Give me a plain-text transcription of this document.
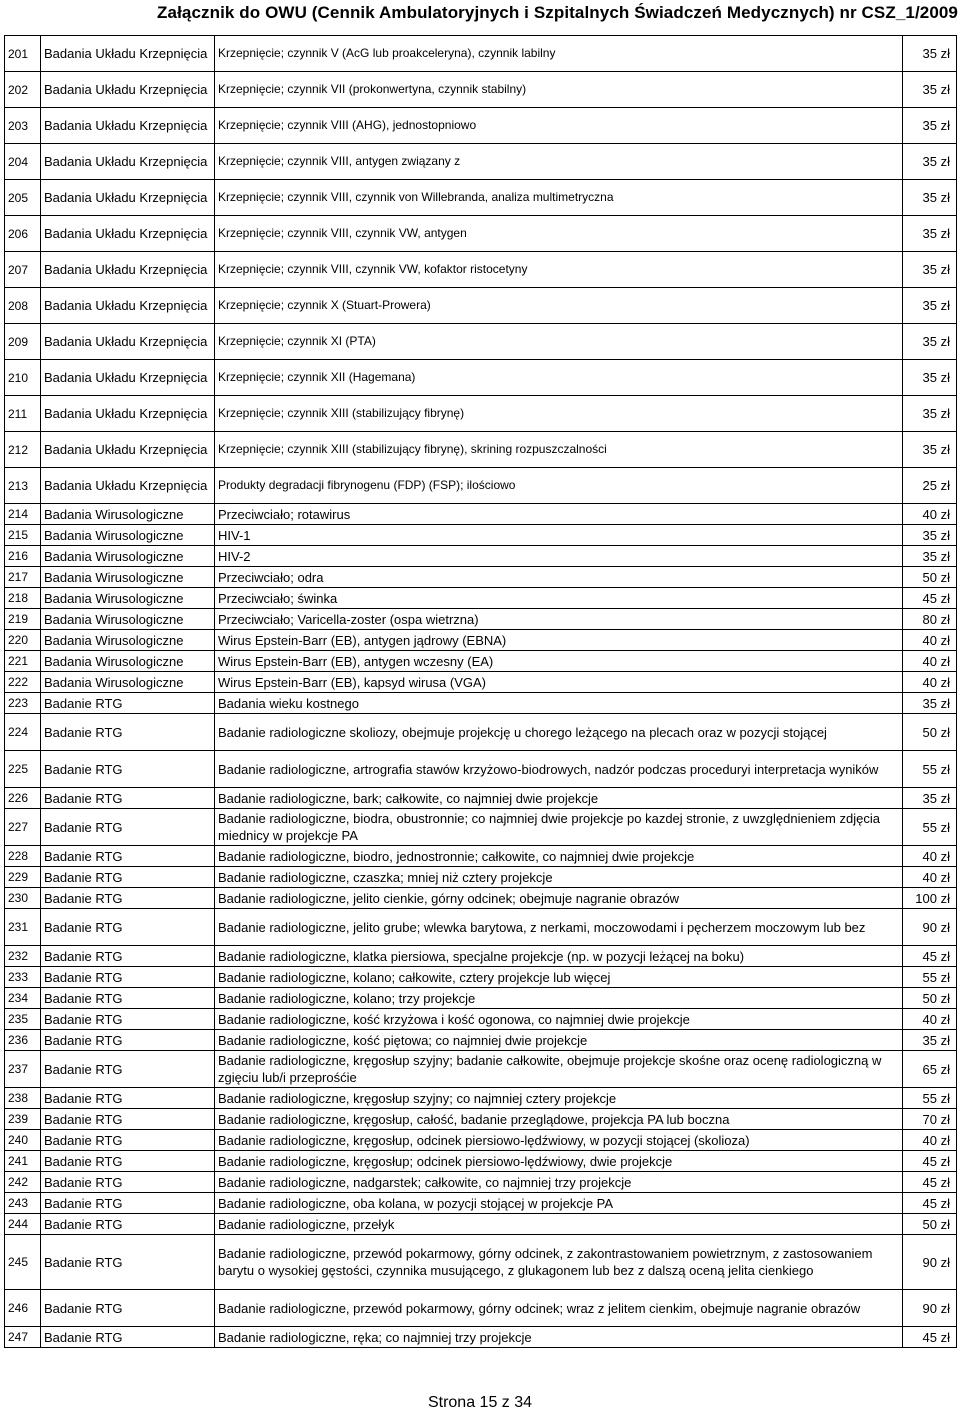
Załącznik do OWU (Cennik Ambulatoryjnych i Szpitalnych Świadczeń Medycznych) nr CSZ_1/2009
201	Badania Układu Krzepnięcia	Krzepnięcie; czynnik V (AcG lub proakceleryna), czynnik labilny	35 zł
202	Badania Układu Krzepnięcia	Krzepnięcie; czynnik VII (prokonwertyna, czynnik stabilny)	35 zł
203	Badania Układu Krzepnięcia	Krzepnięcie; czynnik VIII (AHG), jednostopniowo	35 zł
204	Badania Układu Krzepnięcia	Krzepnięcie; czynnik VIII, antygen związany z	35 zł
205	Badania Układu Krzepnięcia	Krzepnięcie; czynnik VIII, czynnik von Willebranda, analiza multimetryczna	35 zł
206	Badania Układu Krzepnięcia	Krzepnięcie; czynnik VIII, czynnik VW, antygen	35 zł
207	Badania Układu Krzepnięcia	Krzepnięcie; czynnik VIII, czynnik VW, kofaktor ristocetyny	35 zł
208	Badania Układu Krzepnięcia	Krzepnięcie; czynnik X (Stuart-Prowera)	35 zł
209	Badania Układu Krzepnięcia	Krzepnięcie; czynnik XI (PTA)	35 zł
210	Badania Układu Krzepnięcia	Krzepnięcie; czynnik XII (Hagemana)	35 zł
211	Badania Układu Krzepnięcia	Krzepnięcie; czynnik XIII (stabilizujący fibrynę)	35 zł
212	Badania Układu Krzepnięcia	Krzepnięcie; czynnik XIII (stabilizujący fibrynę), skrining rozpuszczalności	35 zł
213	Badania Układu Krzepnięcia	Produkty degradacji fibrynogenu (FDP) (FSP); ilościowo	25 zł
214	Badania Wirusologiczne	Przeciwciało; rotawirus	40 zł
215	Badania Wirusologiczne	HIV-1	35 zł
216	Badania Wirusologiczne	HIV-2	35 zł
217	Badania Wirusologiczne	Przeciwciało; odra	50 zł
218	Badania Wirusologiczne	Przeciwciało; świnka	45 zł
219	Badania Wirusologiczne	Przeciwciało; Varicella-zoster (ospa wietrzna)	80 zł
220	Badania Wirusologiczne	Wirus Epstein-Barr (EB), antygen jądrowy (EBNA)	40 zł
221	Badania Wirusologiczne	Wirus Epstein-Barr (EB), antygen wczesny (EA)	40 zł
222	Badania Wirusologiczne	Wirus Epstein-Barr (EB), kapsyd wirusa (VGA)	40 zł
223	Badanie RTG	Badania wieku kostnego	35 zł
224	Badanie RTG	Badanie radiologiczne skoliozy, obejmuje projekcję u chorego leżącego na plecach oraz w pozycji stojącej	50 zł
225	Badanie RTG	Badanie radiologiczne, artrografia stawów krzyżowo-biodrowych, nadzór podczas proceduryi interpretacja wyników	55 zł
226	Badanie RTG	Badanie radiologiczne, bark; całkowite, co najmniej dwie projekcje	35 zł
227	Badanie RTG	Badanie radiologiczne, biodra, obustronnie; co najmniej dwie projekcje po kazdej stronie, z uwzględnieniem zdjęcia miednicy w projekcje PA	55 zł
228	Badanie RTG	Badanie radiologiczne, biodro, jednostronnie; całkowite, co najmniej dwie projekcje	40 zł
229	Badanie RTG	Badanie radiologiczne, czaszka; mniej niż cztery projekcje	40 zł
230	Badanie RTG	Badanie radiologiczne, jelito cienkie, górny odcinek; obejmuje nagranie obrazów	100 zł
231	Badanie RTG	Badanie radiologiczne, jelito grube; wlewka barytowa, z nerkami, moczowodami i pęcherzem moczowym lub bez	90 zł
232	Badanie RTG	Badanie radiologiczne, klatka piersiowa, specjalne projekcje (np. w pozycji leżącej na boku)	45 zł
233	Badanie RTG	Badanie radiologiczne, kolano; całkowite, cztery projekcje lub więcej	55 zł
234	Badanie RTG	Badanie radiologiczne, kolano; trzy projekcje	50 zł
235	Badanie RTG	Badanie radiologiczne, kość krzyżowa i kość ogonowa, co najmniej dwie projekcje	40 zł
236	Badanie RTG	Badanie radiologiczne, kość piętowa; co najmniej dwie projekcje	35 zł
237	Badanie RTG	Badanie radiologiczne, kręgosłup szyjny; badanie całkowite, obejmuje projekcje skośne oraz ocenę radiologiczną w zgięciu lub/i przeprośćie	65 zł
238	Badanie RTG	Badanie radiologiczne, kręgosłup szyjny; co najmniej cztery projekcje	55 zł
239	Badanie RTG	Badanie radiologiczne, kręgosłup, całość, badanie przeglądowe, projekcja PA lub boczna	70 zł
240	Badanie RTG	Badanie radiologiczne, kręgosłup, odcinek piersiowo-lędźwiowy, w pozycji stojącej (skolioza)	40 zł
241	Badanie RTG	Badanie radiologiczne, kręgosłup; odcinek piersiowo-lędźwiowy, dwie projekcje	45 zł
242	Badanie RTG	Badanie radiologiczne, nadgarstek; całkowite, co najmniej trzy projekcje	45 zł
243	Badanie RTG	Badanie radiologiczne, oba kolana, w pozycji stojącej w projekcje PA	45 zł
244	Badanie RTG	Badanie radiologiczne, przełyk	50 zł
245	Badanie RTG	Badanie radiologiczne, przewód pokarmowy, górny odcinek, z zakontrastowaniem powietrznym, z zastosowaniem barytu o wysokiej gęstości, czynnika musującego, z glukagonem lub bez z dalszą oceną jelita cienkiego	90 zł
246	Badanie RTG	Badanie radiologiczne, przewód pokarmowy, górny odcinek; wraz z jelitem cienkim, obejmuje nagranie obrazów	90 zł
247	Badanie RTG	Badanie radiologiczne, ręka; co najmniej trzy projekcje	45 zł
Strona 15 z 34
